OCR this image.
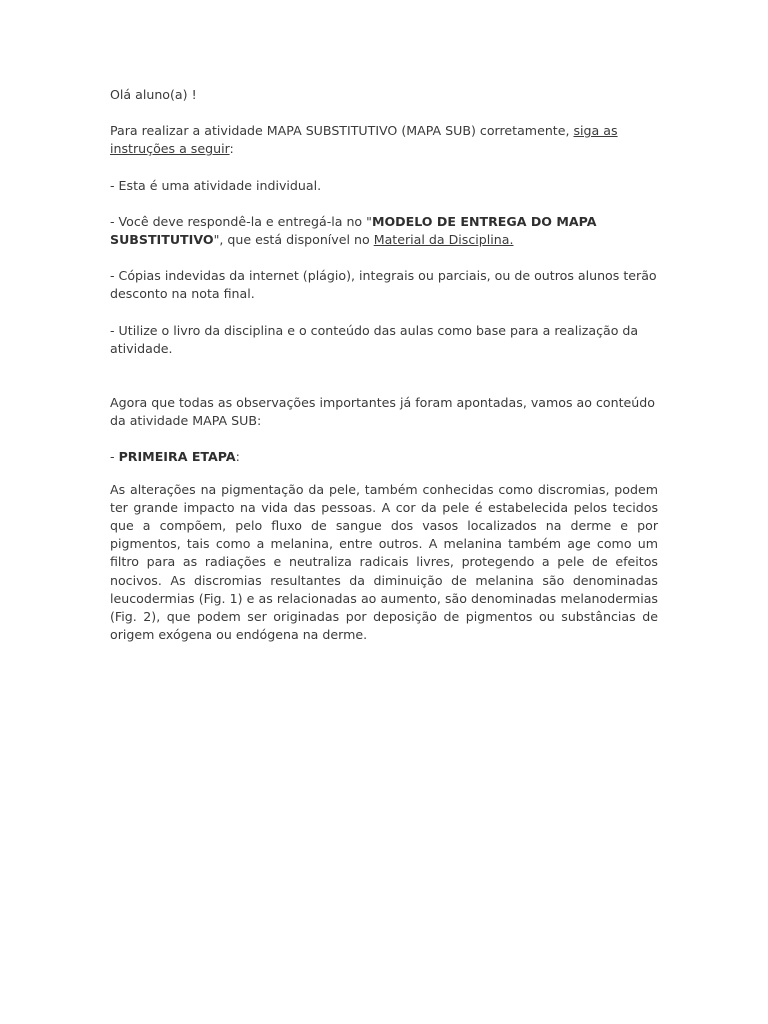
Olá aluno(a) !

Para realizar a atividade MAPA SUBSTITUTIVO (MAPA SUB) corretamente, siga as instruções a seguir:

- Esta é uma atividade individual.

- Você deve respondê-la e entregá-la no "MODELO DE ENTREGA DO MAPA SUBSTITUTIVO", que está disponível no Material da Disciplina.

- Cópias indevidas da internet (plágio), integrais ou parciais, ou de outros alunos terão desconto na nota final.

- Utilize o livro da disciplina e o conteúdo das aulas como base para a realização da atividade.

Agora que todas as observações importantes já foram apontadas, vamos ao conteúdo da atividade MAPA SUB:

- PRIMEIRA ETAPA:

As alterações na pigmentação da pele, também conhecidas como discromias, podem ter grande impacto na vida das pessoas. A cor da pele é estabelecida pelos tecidos que a compõem, pelo fluxo de sangue dos vasos localizados na derme e por pigmentos, tais como a melanina, entre outros. A melanina também age como um filtro para as radiações e neutraliza radicais livres, protegendo a pele de efeitos nocivos. As discromias resultantes da diminuição de melanina são denominadas leucodermias (Fig. 1) e as relacionadas ao aumento, são denominadas melanodermias (Fig. 2), que podem ser originadas por deposição de pigmentos ou substâncias de origem exógena ou endógena na derme.
